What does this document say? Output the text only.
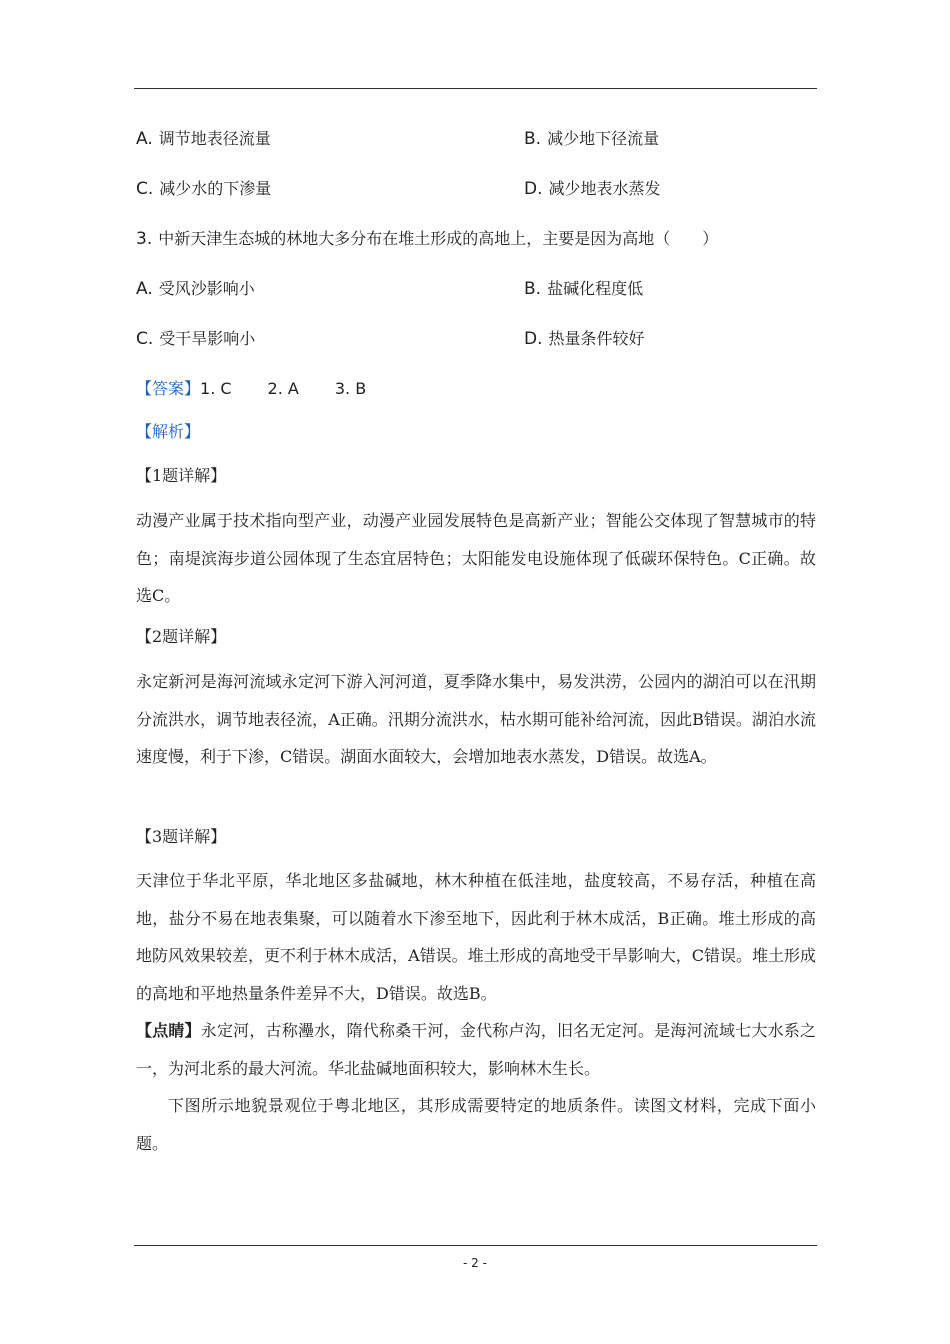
A. 调节地表径流量	B. 减少地下径流量
C. 减少水的下渗量	D. 减少地表水蒸发
3. 中新天津生态城的林地大多分布在堆土形成的高地上，主要是因为高地（　　）
A. 受风沙影响小	B. 盐碱化程度低
C. 受干旱影响小	D. 热量条件较好
【答案】1. C 2. A 3. B
【解析】
【1题详解】
动漫产业属于技术指向型产业，动漫产业园发展特色是高新产业；智能公交体现了智慧城市的特色；南堤滨海步道公园体现了生态宜居特色；太阳能发电设施体现了低碳环保特色。C正确。故选C。
【2题详解】
永定新河是海河流域永定河下游入河河道，夏季降水集中，易发洪涝，公园内的湖泊可以在汛期分流洪水，调节地表径流，A正确。汛期分流洪水，枯水期可能补给河流，因此B错误。湖泊水流速度慢，利于下渗，C错误。湖面水面较大，会增加地表水蒸发，D错误。故选A。
【3题详解】
天津位于华北平原，华北地区多盐碱地，林木种植在低洼地，盐度较高，不易存活，种植在高地，盐分不易在地表集聚，可以随着水下渗至地下，因此利于林木成活，B正确。堆土形成的高地防风效果较差，更不利于林木成活，A错误。堆土形成的高地受干旱影响大，C错误。堆土形成的高地和平地热量条件差异不大，D错误。故选B。
【点睛】永定河，古称灅水，隋代称桑干河，金代称卢沟，旧名无定河。是海河流域七大水系之一，为河北系的最大河流。华北盐碱地面积较大，影响林木生长。
下图所示地貌景观位于粤北地区，其形成需要特定的地质条件。读图文材料，完成下面小题。
- 2 -
